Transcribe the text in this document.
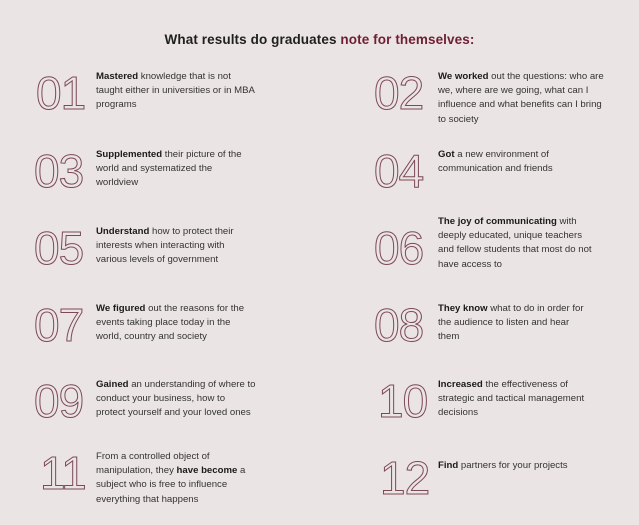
What results do graduates note for themselves:
01 Mastered knowledge that is not taught either in universities or in MBA programs
03 Supplemented their picture of the world and systematized the worldview
05 Understand how to protect their interests when interacting with various levels of government
07 We figured out the reasons for the events taking place today in the world, country and society
09 Gained an understanding of where to conduct your business, how to protect yourself and your loved ones
11 From a controlled object of manipulation, they have become a subject who is free to influence everything that happens
02 We worked out the questions: who are we, where are we going, what can I influence and what benefits can I bring to society
04 Got a new environment of communication and friends
06
The joy of communicating with deeply educated, unique teachers and fellow students that most do not have access to
08 They know what to do in order for the audience to listen and hear them
10 Increased the effectiveness of strategic and tactical management decisions
12 Find partners for your projects
